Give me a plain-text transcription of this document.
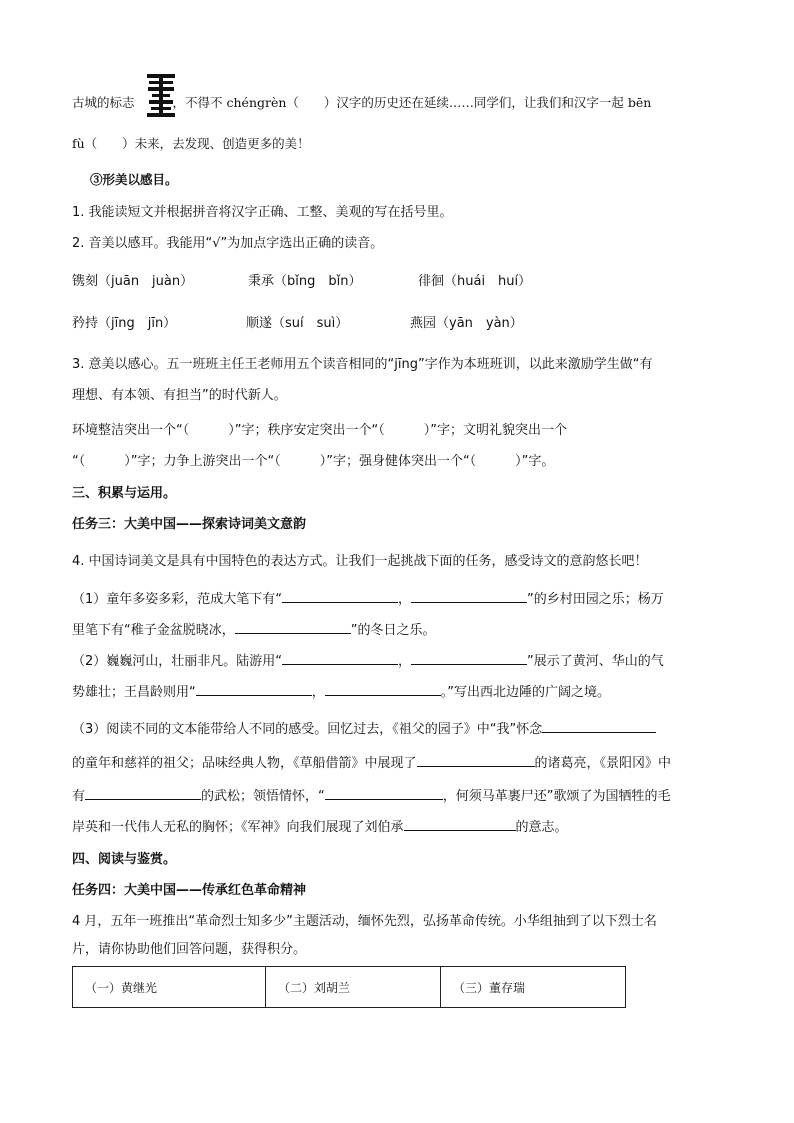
古城的标志	，不得不 chéngrèn（　　）汉字的历史还在延续……同学们，让我们和汉字一起 bēn
fù（　　）未来，去发现、创造更多的美！
③形美以感目。
1. 我能读短文并根据拼音将汉字正确、工整、美观的写在括号里。
2. 音美以感耳。我能用“√”为加点字选出正确的读音。
镌刻（juān　juàn）	秉承（bǐng　bǐn）	徘徊（huái　huí）
矜持（jīng　jīn）	顺遂（suí　suì）	燕园（yān　yàn）
3. 意美以感心。五一班班主任王老师用五个读音相同的“jīng”字作为本班班训，以此来激励学生做“有
理想、有本领、有担当”的时代新人。
环境整洁突出一个“（　　　）”字；秩序安定突出一个“（　　　）”字；文明礼貌突出一个
“（　　　）”字；力争上游突出一个“（　　　）”字；强身健体突出一个“（　　　）”字。
三、积累与运用。
任务三：大美中国——探索诗词美文意韵
4. 中国诗词美文是具有中国特色的表达方式。让我们一起挑战下面的任务，感受诗文的意韵悠长吧！
（1）童年多姿多彩，范成大笔下有“	，	”的乡村田园之乐；杨万
里笔下有“稚子金盆脱晓冰，	”的冬日之乐。
（2）巍巍河山，壮丽非凡。陆游用“	，	”展示了黄河、华山的气
势雄壮；王昌龄则用“	，	。”写出西北边陲的广阔之境。
（3）阅读不同的文本能带给人不同的感受。回忆过去，《祖父的园子》中“我”怀念
的童年和慈祥的祖父；品味经典人物，《草船借箭》中展现了	的诸葛亮，《景阳冈》中
有	的武松；领悟情怀，“	，何须马革裹尸还”歌颂了为国牺牲的毛
岸英和一代伟人无私的胸怀；《军神》向我们展现了刘伯承	的意志。
四、阅读与鉴赏。
任务四：大美中国——传承红色革命精神
4 月，五年一班推出“革命烈士知多少”主题活动，缅怀先烈，弘扬革命传统。小华组抽到了以下烈士名
片，请你协助他们回答问题，获得积分。
（一）黄继光	（二）刘胡兰	（三）董存瑞
